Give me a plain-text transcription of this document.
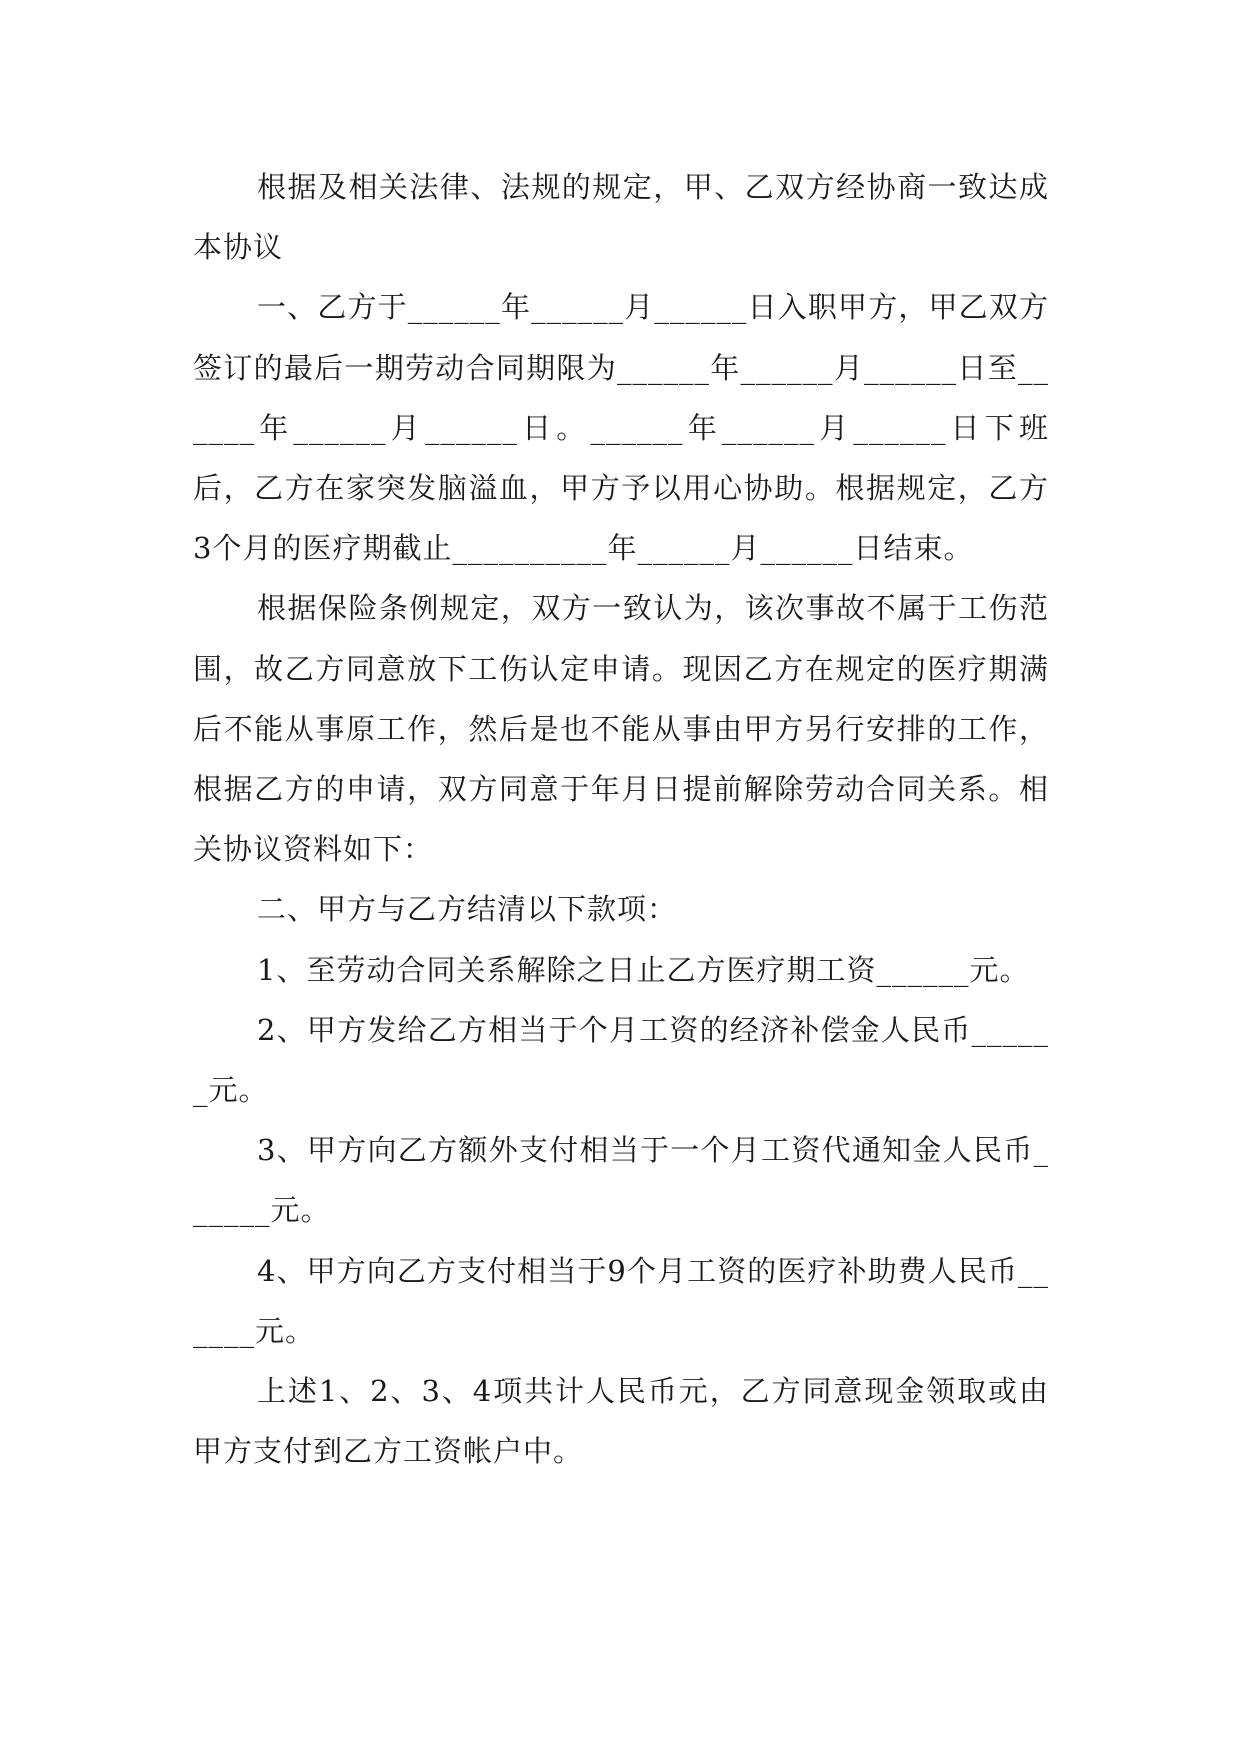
根据及相关法律、法规的规定，甲、乙双方经协商一致达成本协议

一、乙方于______年______月______日入职甲方，甲乙双方签订的最后一期劳动合同期限为______年______月______日至______年______月______日。______年______月______日下班后，乙方在家突发脑溢血，甲方予以用心协助。根据规定，乙方3个月的医疗期截止__________年______月______日结束。

根据保险条例规定，双方一致认为，该次事故不属于工伤范围，故乙方同意放下工伤认定申请。现因乙方在规定的医疗期满后不能从事原工作，然后是也不能从事由甲方另行安排的工作，根据乙方的申请，双方同意于年月日提前解除劳动合同关系。相关协议资料如下：

二、甲方与乙方结清以下款项：

1、至劳动合同关系解除之日止乙方医疗期工资______元。

2、甲方发给乙方相当于个月工资的经济补偿金人民币______元。

3、甲方向乙方额外支付相当于一个月工资代通知金人民币______元。

4、甲方向乙方支付相当于9个月工资的医疗补助费人民币______元。

上述1、2、3、4项共计人民币元，乙方同意现金领取或由甲方支付到乙方工资帐户中。
